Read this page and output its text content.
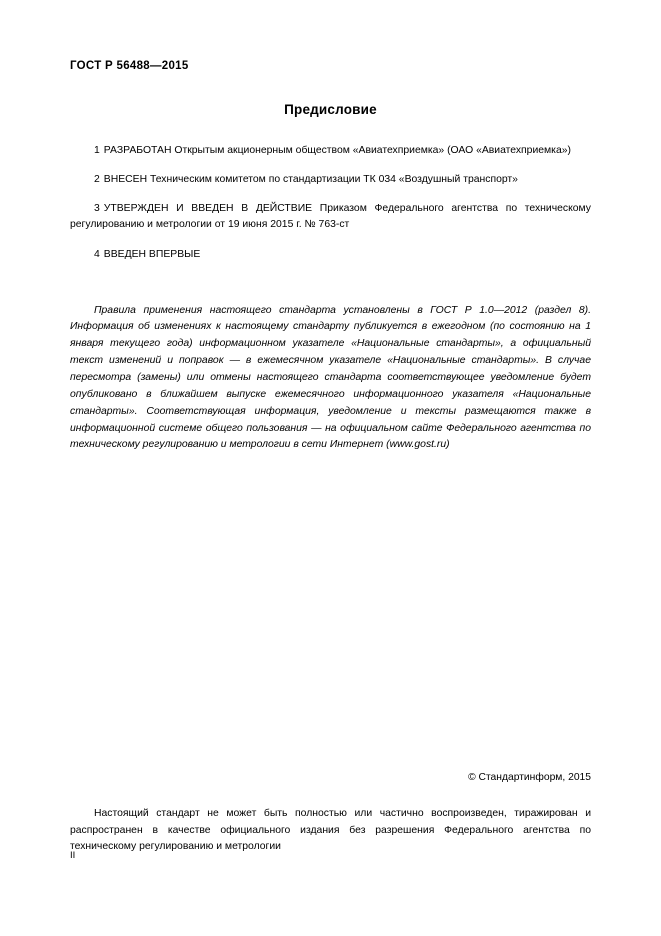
ГОСТ Р 56488—2015
Предисловие

1 РАЗРАБОТАН Открытым акционерным обществом «Авиатехприемка» (ОАО «Авиатехприемка»)

2 ВНЕСЕН Техническим комитетом по стандартизации ТК 034 «Воздушный транспорт»

3 УТВЕРЖДЕН И ВВЕДЕН В ДЕЙСТВИЕ Приказом Федерального агентства по техническому регулированию и метрологии от 19 июня 2015 г. № 763-ст

4 ВВЕДЕН ВПЕРВЫЕ

Правила применения настоящего стандарта установлены в ГОСТ Р 1.0—2012 (раздел 8). Информация об изменениях к настоящему стандарту публикуется в ежегодном (по состоянию на 1 января текущего года) информационном указателе «Национальные стандарты», а официальный текст изменений и поправок — в ежемесячном указателе «Национальные стандарты». В случае пересмотра (замены) или отмены настоящего стандарта соответствующее уведомление будет опубликовано в ближайшем выпуске ежемесячного информационного указателя «Национальные стандарты». Соответствующая информация, уведомление и тексты размещаются также в информационной системе общего пользования — на официальном сайте Федерального агентства по техническому регулированию и метрологии в сети Интернет (www.gost.ru)

© Стандартинформ, 2015

Настоящий стандарт не может быть полностью или частично воспроизведен, тиражирован и распространен в качестве официального издания без разрешения Федерального агентства по техническому регулированию и метрологии

II
